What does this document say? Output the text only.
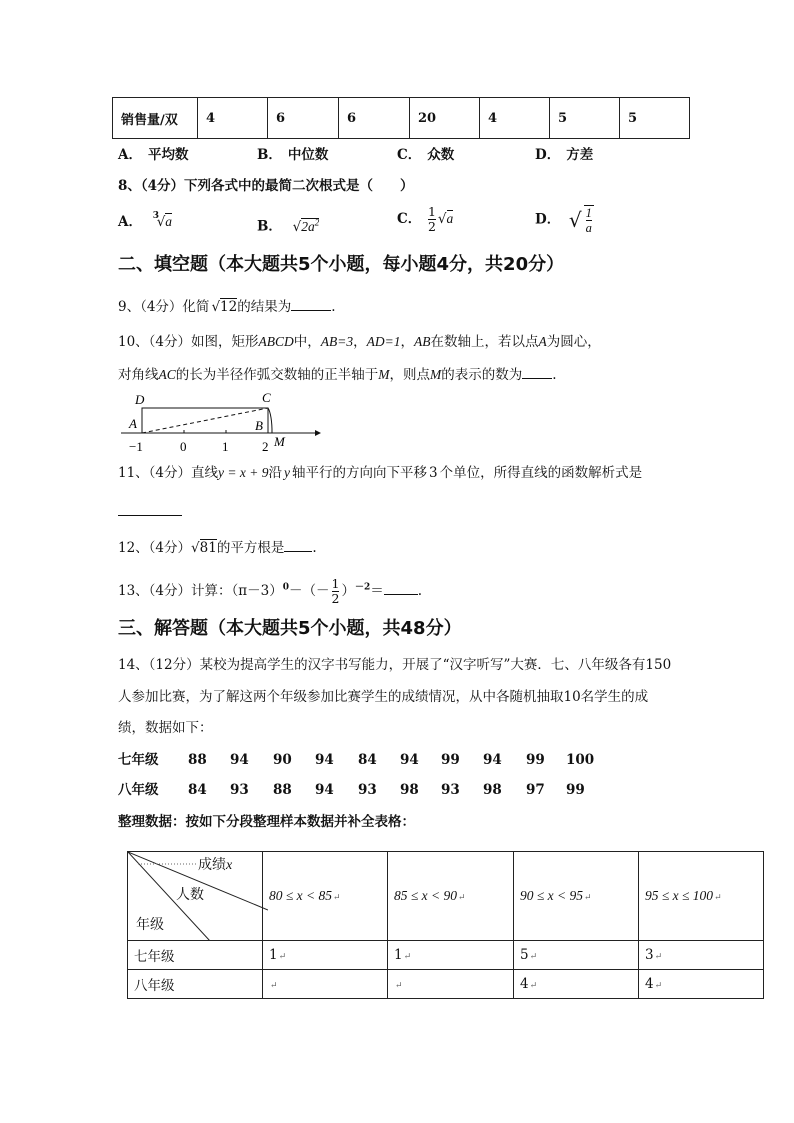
销售量/双	4	6	6	20	4	5	5
A． 平均数	B． 中位数	C． 众数	D． 方差
8、（4分）下列各式中的最简二次根式是（　　）
A． 3
√a	B． $√2a^2$	C． $\frac{1}{2} √a$	D． √ $\frac{1}{a}$
二、填空题（本大题共5个小题，每小题4分，共20分）
9、（4分）化简 √12的结果为	.
10、（4分）如图，矩形ABCD中，AB=3，AD=1，AB在数轴上，若以点A为圆心，
对角线AC的长为半径作弧交数轴的正半轴于M，则点M的表示的数为 .
D	C
A	B
M
−1	0	1	2
11、（4分）直线y = x + 9沿 y 轴平行的方向向下平移 3 个单位，所得直线的函数解析式是
12、（4分）√81的平方根是 .
13、（4分）计算：$(\pi-3)^0-(- \frac{1}{2} )^{-2}=$	.
三、解答题（本大题共5个小题，共48分）
14、（12分）某校为提高学生的汉字书写能力，开展了“汉字听写”大赛．七、八年级各有150
人参加比赛，为了解这两个年级参加比赛学生的成绩情况，从中各随机抽取10名学生的成
绩，数据如下：
七年级 88 94 90 94 84 94 99 94 99 100
八年级 84 93 88 94 93 98 93 98 97 99
整理数据：按如下分段整理样本数据并补全表格：
成绩x
人数
年级	80 ≤ x < 85↵	85 ≤ x < 90↵	90 ≤ x < 95↵	95 ≤ x ≤ 100↵
七年级	1↵	1↵	5↵	3↵
八年级	↵	↵	4↵	4↵
